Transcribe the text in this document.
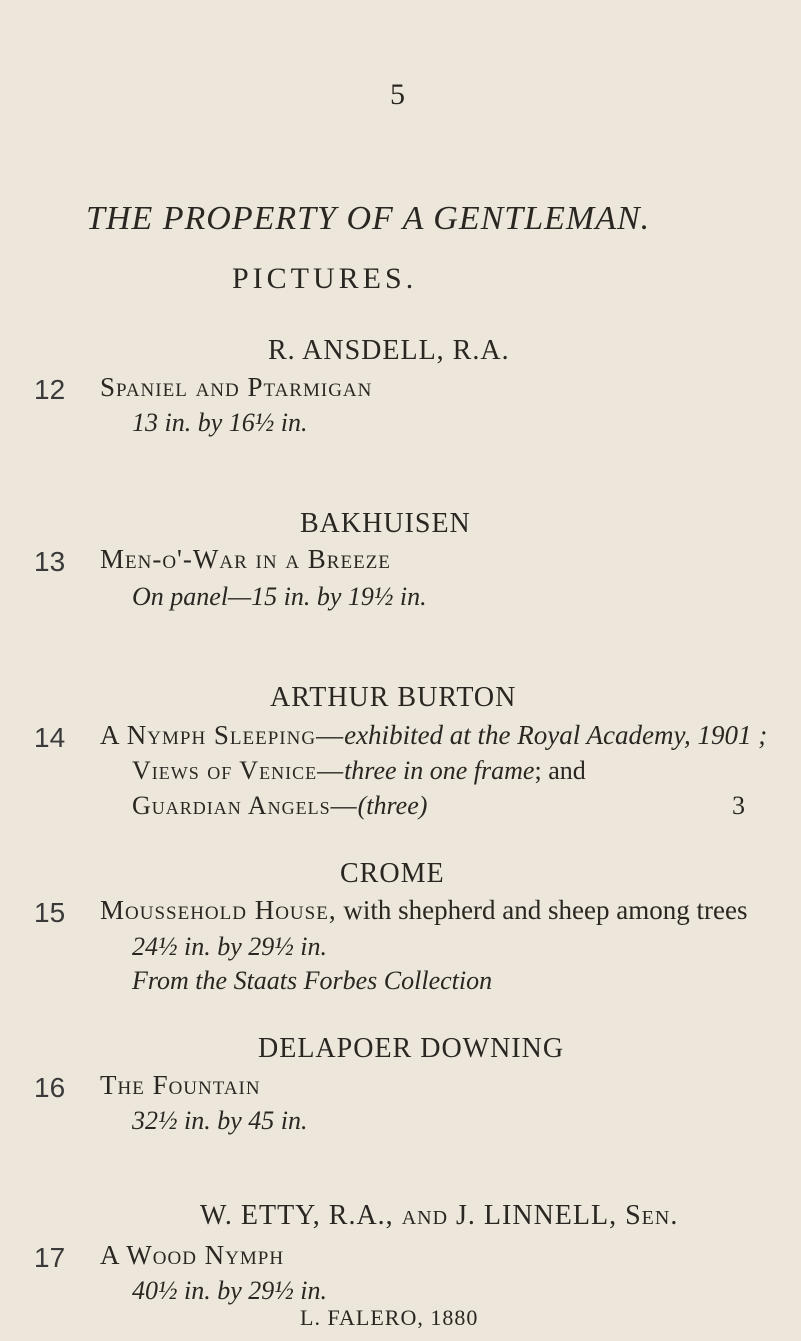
5
THE PROPERTY OF A GENTLEMAN.
PICTURES.
R. ANSDELL, R.A.
12 Spaniel and Ptarmigan
13 in. by 16½ in.
BAKHUISEN
13 Men-o'-War in a Breeze
On panel—15 in. by 19½ in.
ARTHUR BURTON
14 A Nymph Sleeping—exhibited at the Royal Academy, 1901 ;
Views of Venice—three in one frame; and
Guardian Angels—(three)	3
CROME
15 Moussehold House, with shepherd and sheep among trees
24½ in. by 29½ in.
From the Staats Forbes Collection
DELAPOER DOWNING
16 The Fountain
32½ in. by 45 in.
W. ETTY, R.A., and J. LINNELL, Sen.
17 A Wood Nymph
40½ in. by 29½ in.
L. FALERO, 1880
